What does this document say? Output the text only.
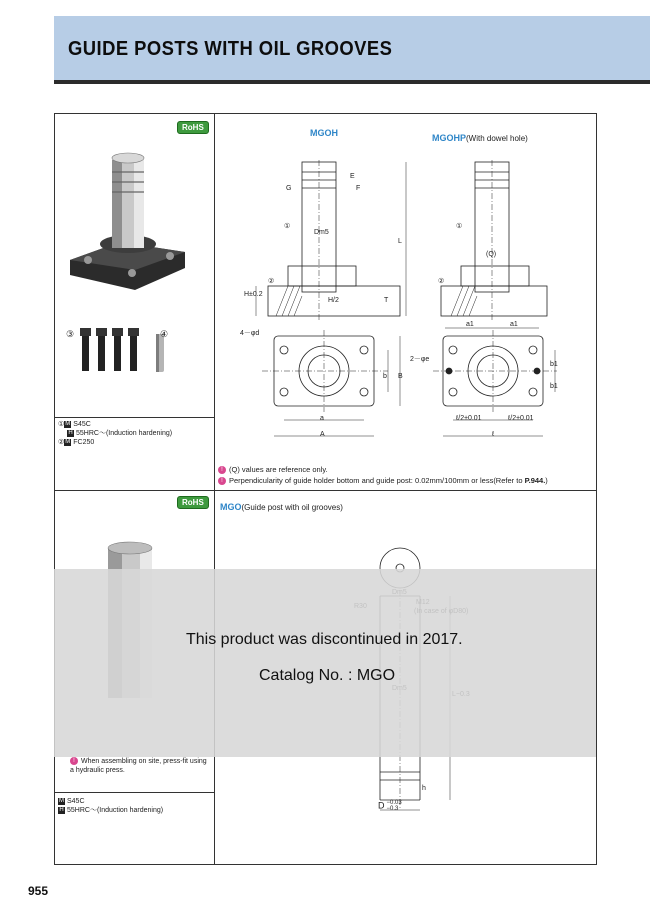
GUIDE POSTS WITH OIL GROOVES
RoHS
③	④
①M S45C
H 55HRC～(Induction hardening)
②M FC250
MGOH	MGOHP(With dowel hole)
G	F
E
L
Dm5
①
②
H±0.2
H/2	T
4－φd
a
A
b B
①
(Q)
②
a1	a1
2－φe
b1
b1
ℓ/2±0.01	ℓ/2±0.01
ℓ
! (Q) values are reference only.
! Perpendicularity of guide holder bottom and guide post: 0.02mm/100mm or less(Refer to P.944.)
RoHS	MGO(Guide post with oil grooves)
h
D −0.03
−0.3
This product was discontinued in 2017.
Catalog No. : MGO
! When assembling on site, press-fit using a hydraulic press.
M S45C
H 55HRC～(Induction hardening)
955
